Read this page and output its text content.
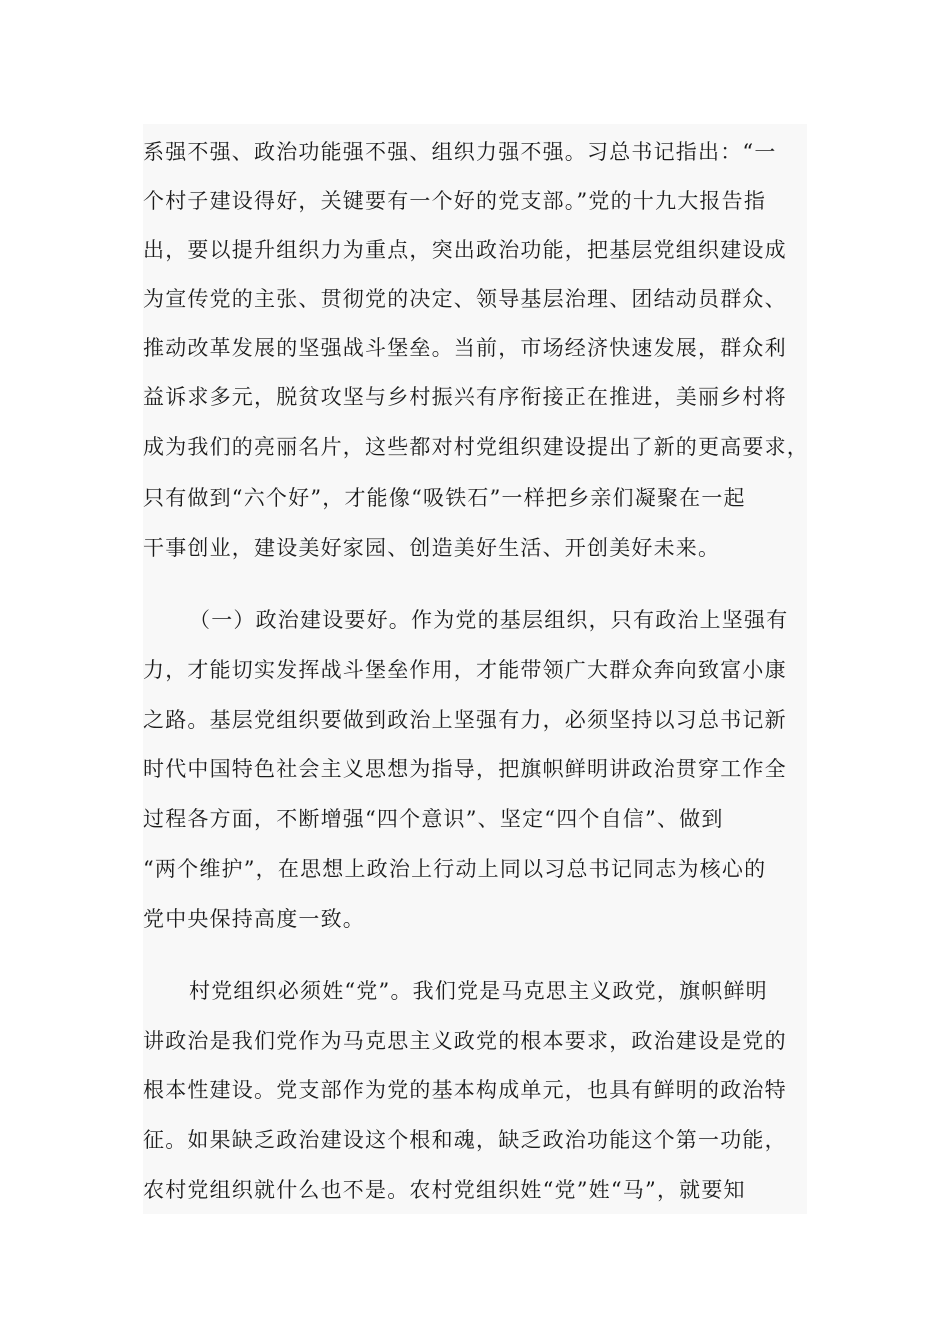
系强不强、政治功能强不强、组织力强不强。习总书记指出：“一
个村子建设得好，关键要有一个好的党支部。”党的十九大报告指
出，要以提升组织力为重点，突出政治功能，把基层党组织建设成
为宣传党的主张、贯彻党的决定、领导基层治理、团结动员群众、
推动改革发展的坚强战斗堡垒。当前，市场经济快速发展，群众利
益诉求多元，脱贫攻坚与乡村振兴有序衔接正在推进，美丽乡村将
成为我们的亮丽名片，这些都对村党组织建设提出了新的更高要求，
只有做到“六个好”，才能像“吸铁石”一样把乡亲们凝聚在一起
干事创业，建设美好家园、创造美好生活、开创美好未来。
（一）政治建设要好。作为党的基层组织，只有政治上坚强有
力，才能切实发挥战斗堡垒作用，才能带领广大群众奔向致富小康
之路。基层党组织要做到政治上坚强有力，必须坚持以习总书记新
时代中国特色社会主义思想为指导，把旗帜鲜明讲政治贯穿工作全
过程各方面，不断增强“四个意识”、坚定“四个自信”、做到
“两个维护”，在思想上政治上行动上同以习总书记同志为核心的
党中央保持高度一致。
村党组织必须姓“党”。我们党是马克思主义政党，旗帜鲜明
讲政治是我们党作为马克思主义政党的根本要求，政治建设是党的
根本性建设。党支部作为党的基本构成单元，也具有鲜明的政治特
征。如果缺乏政治建设这个根和魂，缺乏政治功能这个第一功能，
农村党组织就什么也不是。农村党组织姓“党”姓“马”，就要知
